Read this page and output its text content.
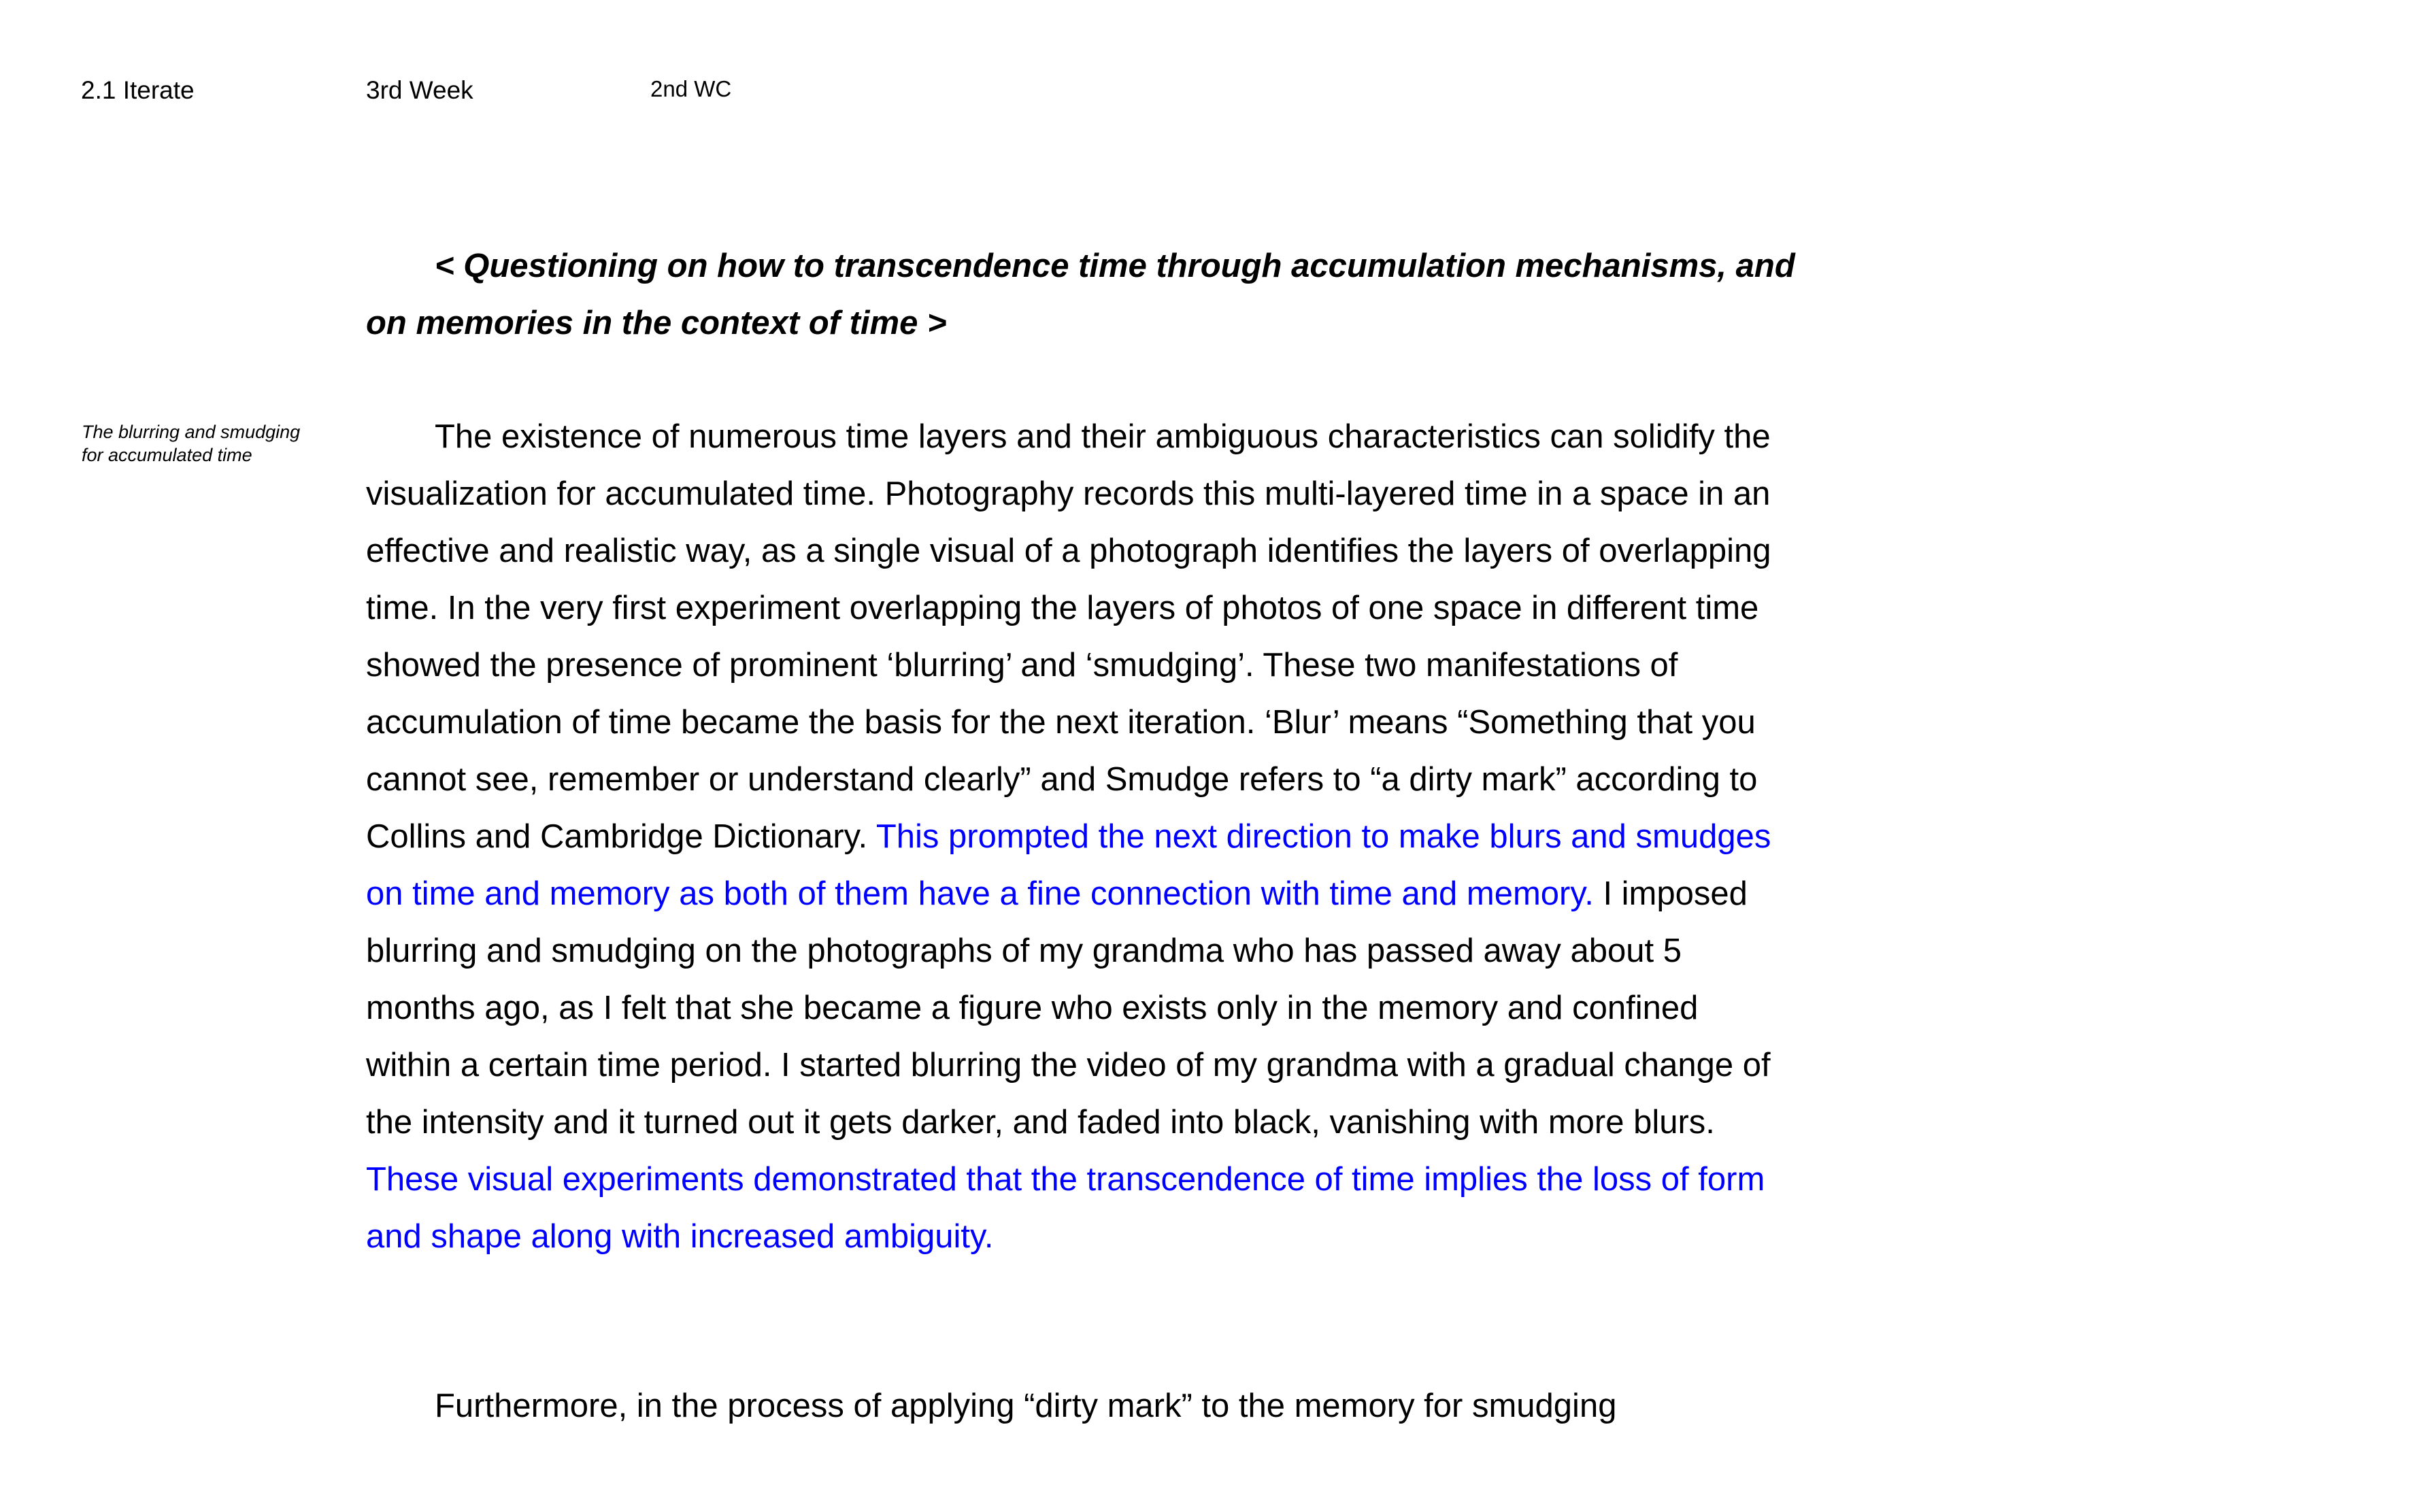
2.1 Iterate	3rd Week	2nd WC
The blurring and smudging
for accumulated time

< Questioning on how to transcendence time through accumulation mechanisms, and on memories in the context of time >

The existence of numerous time layers and their ambiguous characteristics can solidify the visualization for accumulated time. Photography records this multi-layered time in a space in an effective and realistic way, as a single visual of a photograph identifies the layers of overlapping time. In the very first experiment overlapping the layers of photos of one space in different time showed the presence of prominent ‘blurring’ and ‘smudging’. These two manifestations of accumulation of time became the basis for the next iteration. ‘Blur’ means “Something that you cannot see, remember or understand clearly” and Smudge refers to “a dirty mark” according to Collins and Cambridge Dictionary. This prompted the next direction to make blurs and smudges on time and memory as both of them have a fine connection with time and memory. I imposed blurring and smudging on the photographs of my grandma who has passed away about 5 months ago, as I felt that she became a figure who exists only in the memory and confined within a certain time period. I started blurring the video of my grandma with a gradual change of the intensity and it turned out it gets darker, and faded into black, vanishing with more blurs. These visual experiments demonstrated that the transcendence of time implies the loss of form and shape along with increased ambiguity.

Furthermore, in the process of applying “dirty mark” to the memory for smudging
